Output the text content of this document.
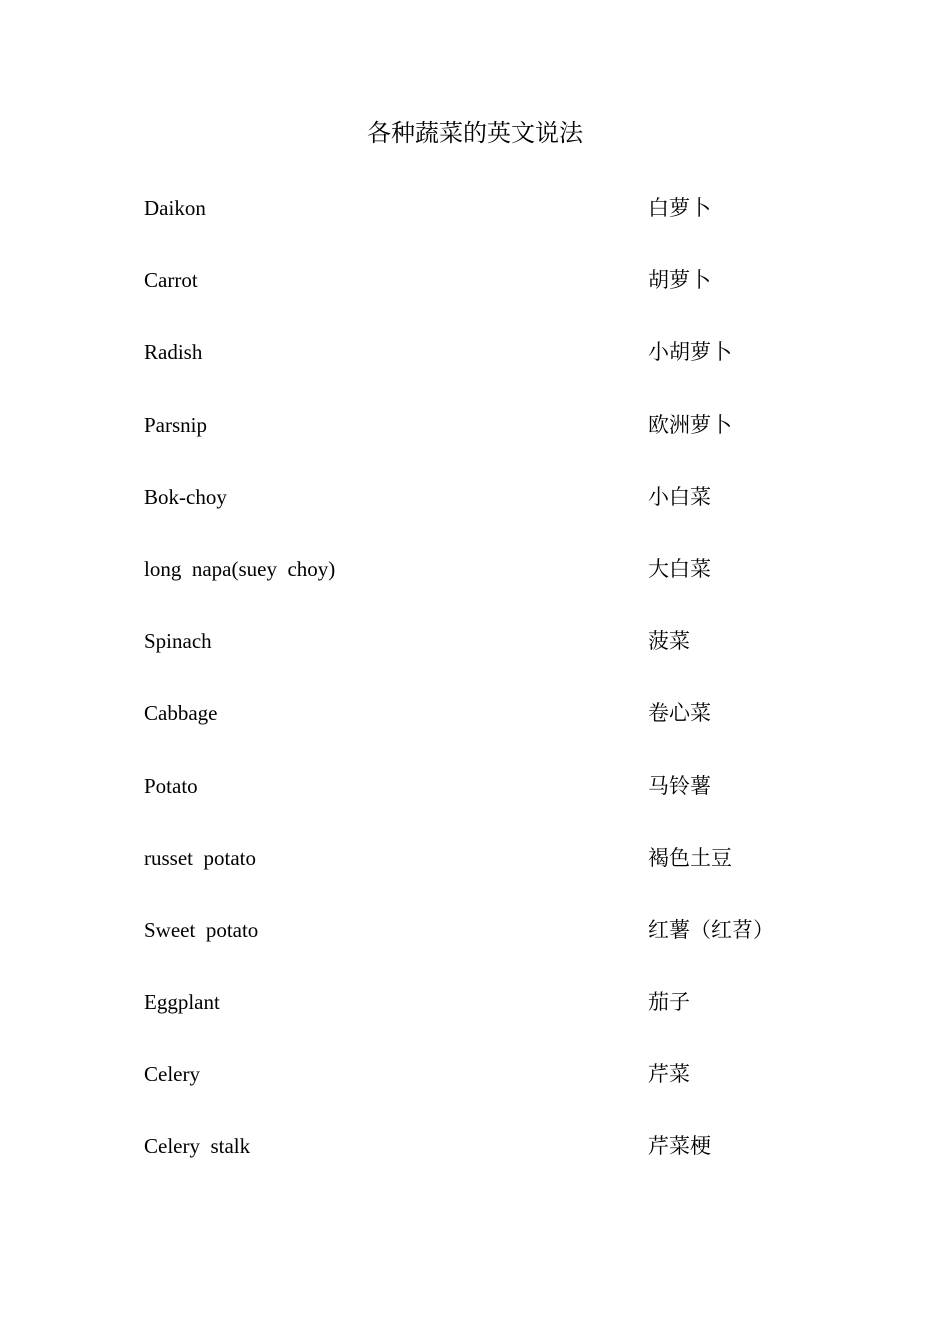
各种蔬菜的英文说法
Daikon	白萝卜
Carrot	胡萝卜
Radish	小胡萝卜
Parsnip	欧洲萝卜
Bok-choy	小白菜
long  napa(suey  choy)	大白菜
Spinach	菠菜
Cabbage	卷心菜
Potato	马铃薯
russet  potato	褐色土豆
Sweet  potato	红薯（红苕）
Eggplant	茄子
Celery	芹菜
Celery  stalk	芹菜梗
